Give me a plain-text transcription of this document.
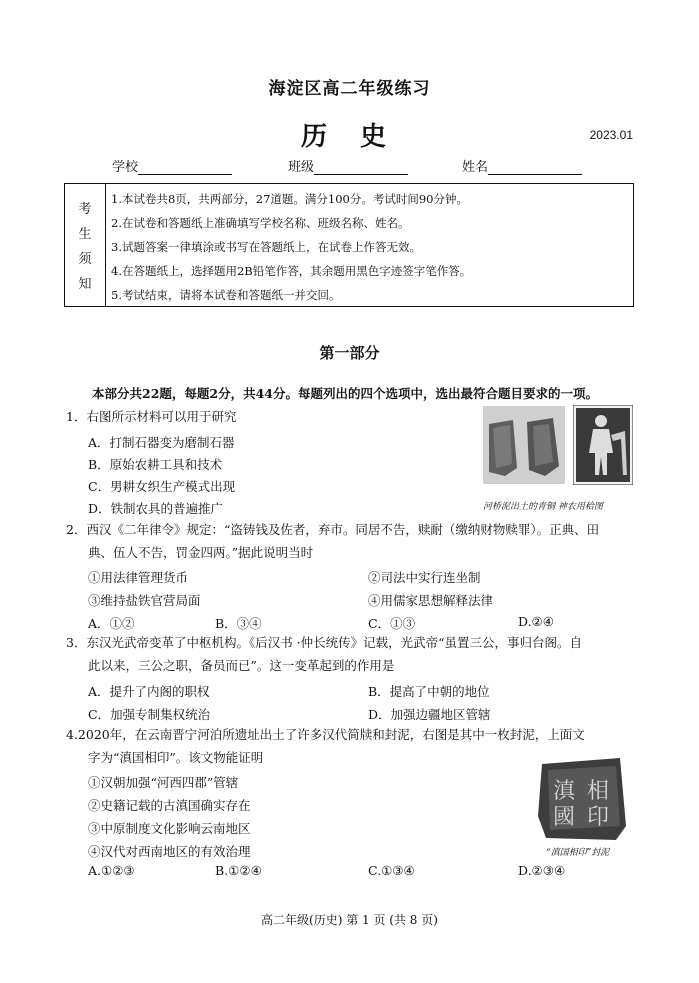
海淀区高二年级练习
历 史	2023.01
学校	班级	姓名
考
生
须
知
1.本试卷共8页，共两部分，27道题。满分100分。考试时间90分钟。
2.在试卷和答题纸上准确填写学校名称、班级名称、姓名。
3.试题答案一律填涂或书写在答题纸上，在试卷上作答无效。
4.在答题纸上，选择题用2B铅笔作答，其余题用黑色字迹签字笔作答。
5.考试结束，请将本试卷和答题纸一并交回。
第一部分
本部分共22题，每题2分，共44分。每题列出的四个选项中，选出最符合题目要求的一项。
1．右图所示材料可以用于研究
A．打制石器变为磨制石器
B．原始农耕工具和技术
C．男耕女织生产模式出现
D．铁制农具的普遍推广	河桥泥出土的青铜 神农用秴图
2．西汉《二年律令》规定：“盗铸钱及佐者，弃市。同居不告，赎耐（缴纳财物赎罪）。正典、田
典、伍人不告，罚金四两。”据此说明当时
①用法律管理货币	②司法中实行连坐制
③维持盐铁官营局面	④用儒家思想解释法律
A．①②	B．③④	C．①③	D.②④
3．东汉光武帝变革了中枢机构。《后汉书 ·仲长统传》记载，光武帝“虽置三公，事归台阁。自
此以来，三公之职，备员而已”。这一变革起到的作用是
A．提升了内阁的职权	B．提高了中朝的地位
C．加强专制集权统治	D．加强边疆地区管辖
4.2020年，在云南晋宁河泊所遗址出土了许多汉代简牍和封泥，右图是其中一枚封泥，上面文
字为“滇国相印”。该文物能证明
①汉朝加强“河西四郡”管辖
②史籍记载的古滇国确实存在
③中原制度文化影响云南地区
④汉代对西南地区的有效治理
A.①②③	B.①②④	C.①③④	D.②③④
滇 相
國 印
“滇国相印”封泥
高二年级(历史) 第 1 页 (共 8 页)
